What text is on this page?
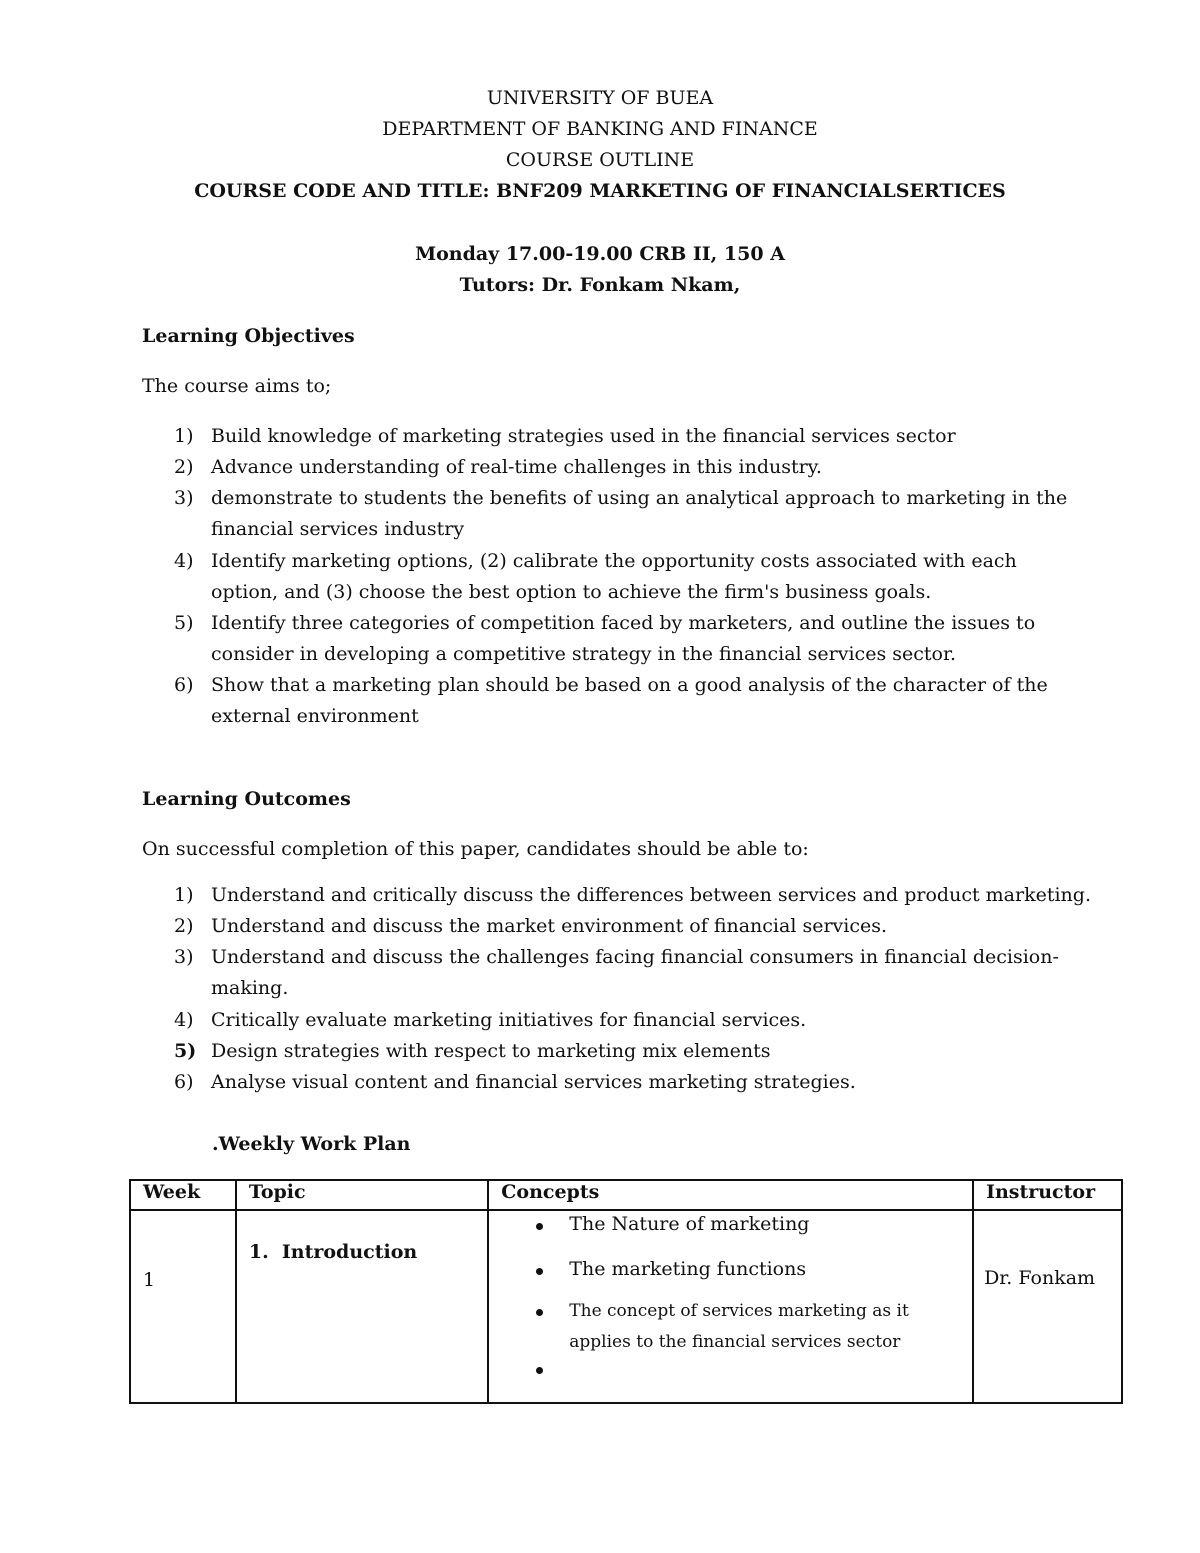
UNIVERSITY OF BUEA
DEPARTMENT OF BANKING AND FINANCE
COURSE OUTLINE
COURSE CODE AND TITLE: BNF209 MARKETING OF FINANCIALSERTICES
Monday 17.00-19.00 CRB II, 150 A
Tutors: Dr. Fonkam Nkam,
Learning Objectives
The course aims to;
1) Build knowledge of marketing strategies used in the financial services sector
2) Advance understanding of real-time challenges in this industry.
3) demonstrate to students the benefits of using an analytical approach to marketing in the
financial services industry
4) Identify marketing options, (2) calibrate the opportunity costs associated with each
option, and (3) choose the best option to achieve the firm's business goals.
5) Identify three categories of competition faced by marketers, and outline the issues to
consider in developing a competitive strategy in the financial services sector.
6) Show that a marketing plan should be based on a good analysis of the character of the
external environment
Learning Outcomes
On successful completion of this paper, candidates should be able to:
1) Understand and critically discuss the differences between services and product marketing.
2) Understand and discuss the market environment of financial services.
3) Understand and discuss the challenges facing financial consumers in financial decision-
making.
4) Critically evaluate marketing initiatives for financial services.
5) Design strategies with respect to marketing mix elements
6) Analyse visual content and financial services marketing strategies.
.Weekly Work Plan
Week	Topic	Concepts	Instructor

1	1. Introduction	The Nature of marketing
The marketing functions
The concept of services marketing as it
applies to the financial services sector	Dr. Fonkam
